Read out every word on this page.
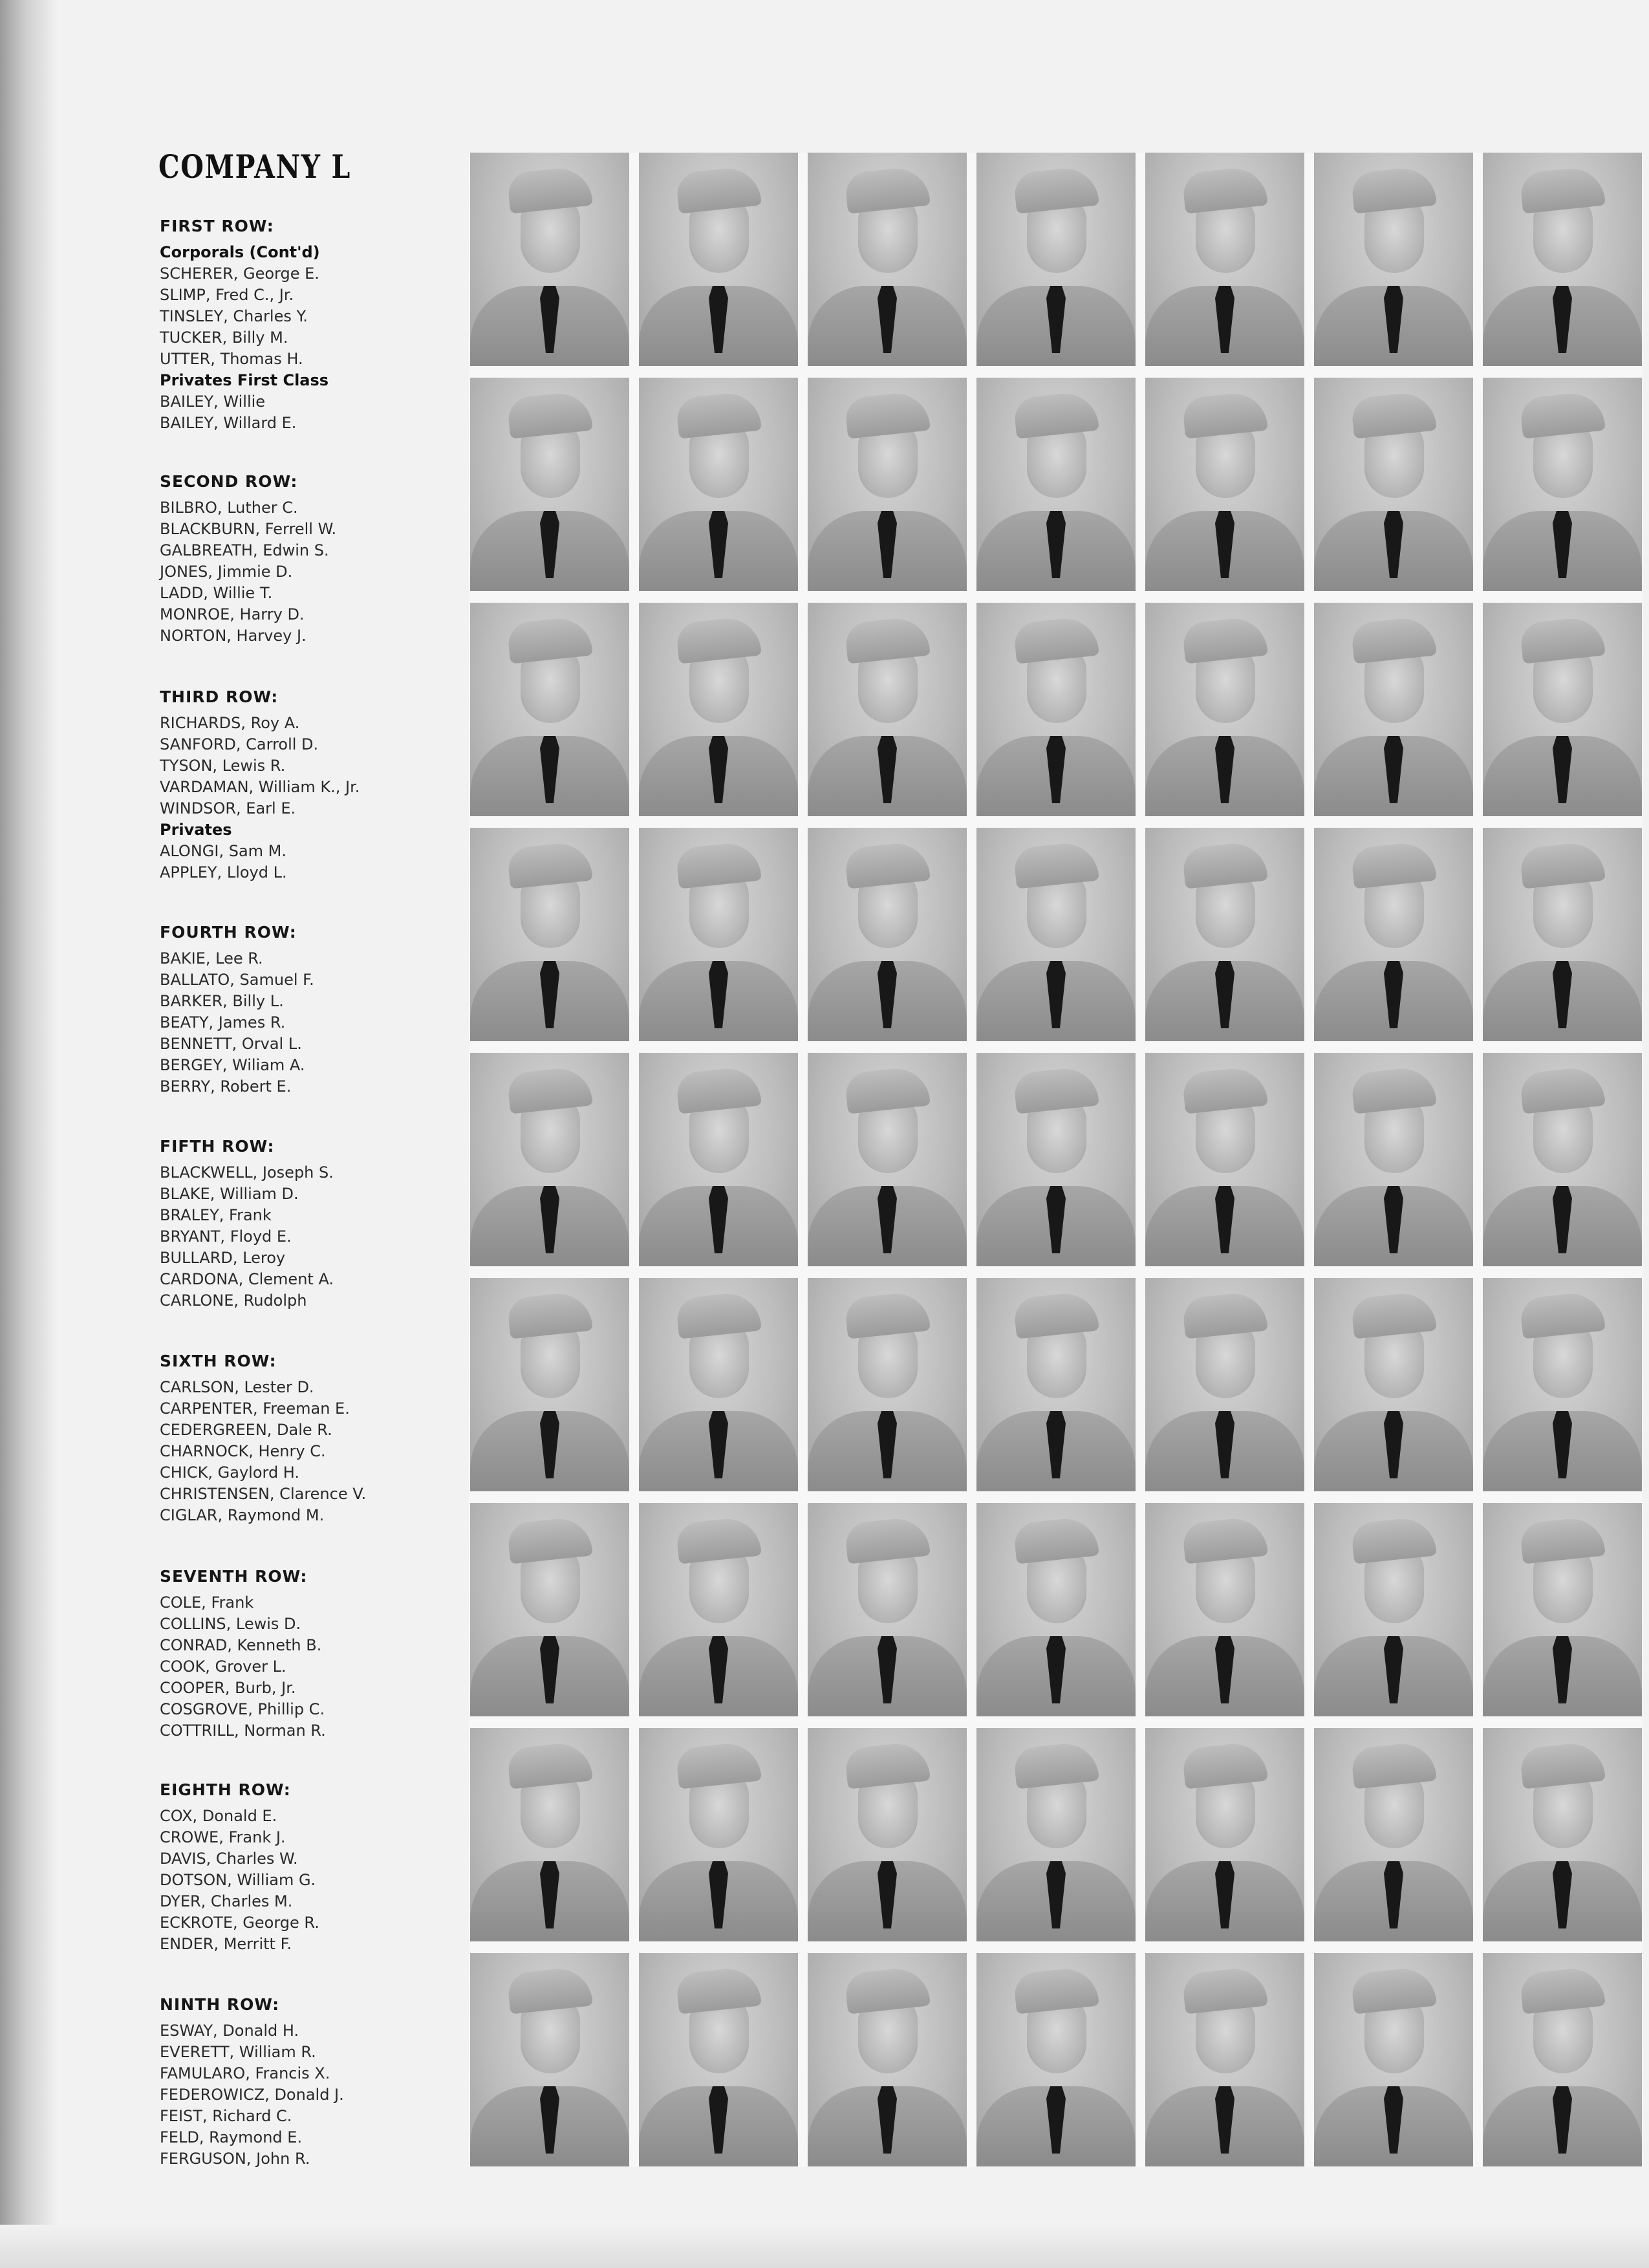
COMPANY L
FIRST ROW:
Corporals (Cont'd)
SCHERER, George E.
SLIMP, Fred C., Jr.
TINSLEY, Charles Y.
TUCKER, Billy M.
UTTER, Thomas H.
Privates First Class
BAILEY, Willie
BAILEY, Willard E.
SECOND ROW:
BILBRO, Luther C.
BLACKBURN, Ferrell W.
GALBREATH, Edwin S.
JONES, Jimmie D.
LADD, Willie T.
MONROE, Harry D.
NORTON, Harvey J.
THIRD ROW:
RICHARDS, Roy A.
SANFORD, Carroll D.
TYSON, Lewis R.
VARDAMAN, William K., Jr.
WINDSOR, Earl E.
Privates
ALONGI, Sam M.
APPLEY, Lloyd L.
FOURTH ROW:
BAKIE, Lee R.
BALLATO, Samuel F.
BARKER, Billy L.
BEATY, James R.
BENNETT, Orval L.
BERGEY, Wiliam A.
BERRY, Robert E.
FIFTH ROW:
BLACKWELL, Joseph S.
BLAKE, William D.
BRALEY, Frank
BRYANT, Floyd E.
BULLARD, Leroy
CARDONA, Clement A.
CARLONE, Rudolph
SIXTH ROW:
CARLSON, Lester D.
CARPENTER, Freeman E.
CEDERGREEN, Dale R.
CHARNOCK, Henry C.
CHICK, Gaylord H.
CHRISTENSEN, Clarence V.
CIGLAR, Raymond M.
SEVENTH ROW:
COLE, Frank
COLLINS, Lewis D.
CONRAD, Kenneth B.
COOK, Grover L.
COOPER, Burb, Jr.
COSGROVE, Phillip C.
COTTRILL, Norman R.
EIGHTH ROW:
COX, Donald E.
CROWE, Frank J.
DAVIS, Charles W.
DOTSON, William G.
DYER, Charles M.
ECKROTE, George R.
ENDER, Merritt F.
NINTH ROW:
ESWAY, Donald H.
EVERETT, William R.
FAMULARO, Francis X.
FEDEROWICZ, Donald J.
FEIST, Richard C.
FELD, Raymond E.
FERGUSON, John R.
